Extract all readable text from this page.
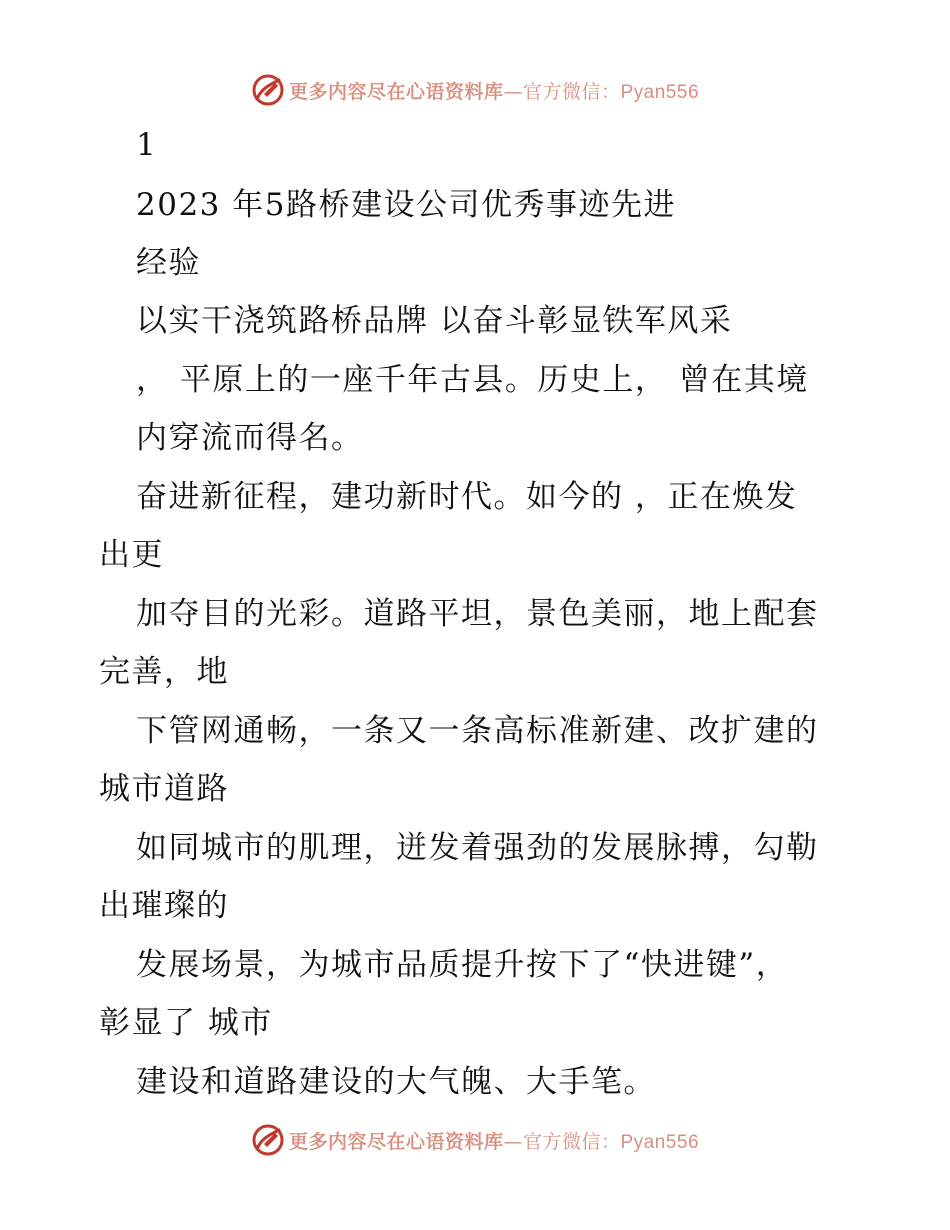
更多内容尽在心语资料库—官方微信：Pyan556
1
2023 年5路桥建设公司优秀事迹先进
经验
以实干浇筑路桥品牌 以奋斗彰显铁军风采
， 平原上的一座千年古县。历史上， 曾在其境
内穿流而得名。
奋进新征程，建功新时代。如今的 ，正在焕发
出更
加夺目的光彩。道路平坦，景色美丽，地上配套
完善，地
下管网通畅，一条又一条高标准新建、改扩建的
城市道路
如同城市的肌理，迸发着强劲的发展脉搏，勾勒
出璀璨的
发展场景，为城市品质提升按下了“快进键”，
彰显了 城市
建设和道路建设的大气魄、大手笔。
更多内容尽在心语资料库—官方微信：Pyan556
